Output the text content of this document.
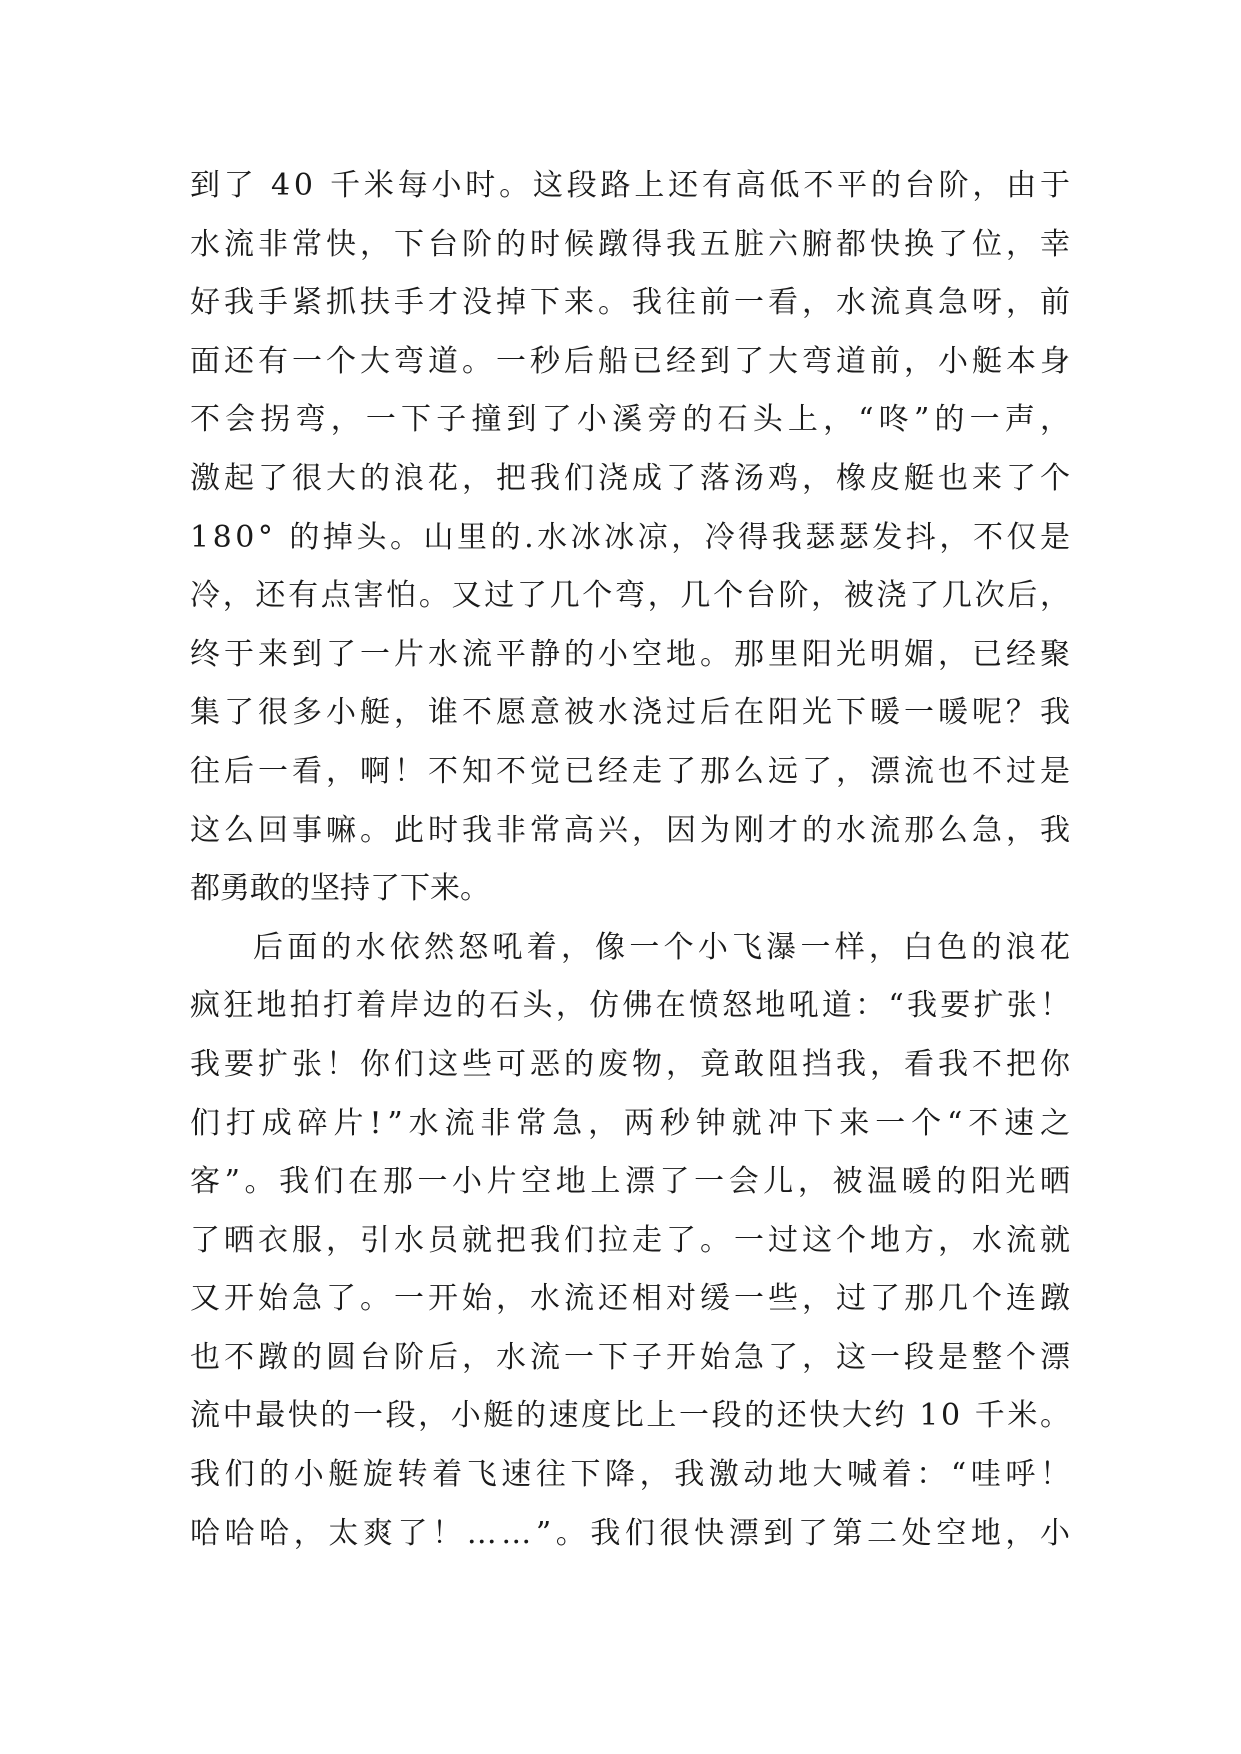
到了 40 千米每小时。这段路上还有高低不平的台阶，由于
水流非常快，下台阶的时候蹾得我五脏六腑都快换了位，幸
好我手紧抓扶手才没掉下来。我往前一看，水流真急呀，前
面还有一个大弯道。一秒后船已经到了大弯道前，小艇本身
不会拐弯，一下子撞到了小溪旁的石头上，“咚”的一声，
激起了很大的浪花，把我们浇成了落汤鸡，橡皮艇也来了个
180° 的掉头。山里的.水冰冰凉，冷得我瑟瑟发抖，不仅是
冷，还有点害怕。又过了几个弯，几个台阶，被浇了几次后，
终于来到了一片水流平静的小空地。那里阳光明媚，已经聚
集了很多小艇，谁不愿意被水浇过后在阳光下暖一暖呢？我
往后一看，啊！不知不觉已经走了那么远了，漂流也不过是
这么回事嘛。此时我非常高兴，因为刚才的水流那么急，我
都勇敢的坚持了下来。
后面的水依然怒吼着，像一个小飞瀑一样，白色的浪花
疯狂地拍打着岸边的石头，仿佛在愤怒地吼道：“我要扩张！
我要扩张！你们这些可恶的废物，竟敢阻挡我，看我不把你
们打成碎片!”水流非常急，两秒钟就冲下来一个“不速之
客”。我们在那一小片空地上漂了一会儿，被温暖的阳光晒
了晒衣服，引水员就把我们拉走了。一过这个地方，水流就
又开始急了。一开始，水流还相对缓一些，过了那几个连蹾
也不蹾的圆台阶后，水流一下子开始急了，这一段是整个漂
流中最快的一段，小艇的速度比上一段的还快大约 10 千米。
我们的小艇旋转着飞速往下降，我激动地大喊着：“哇呼！
哈哈哈，太爽了！……”。我们很快漂到了第二处空地，小
